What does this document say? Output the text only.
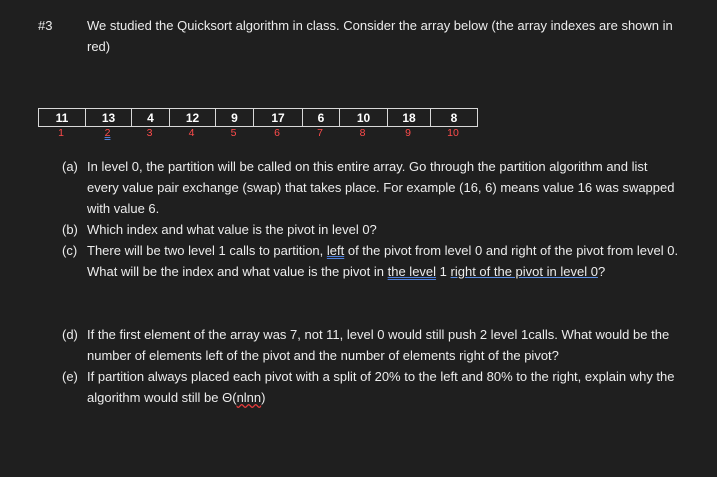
#3	We studied the Quicksort algorithm in class. Consider the array below (the array indexes are shown in red)
11	13	4	12	9	17	6	10	18	8
1	2	3	4	5	6	7	8	9	10
(a) In level 0, the partition will be called on this entire array. Go through the partition algorithm and list every value pair exchange (swap) that takes place. For example (16, 6) means value 16 was swapped with value 6.
(b) Which index and what value is the pivot in level 0?
(c) There will be two level 1 calls to partition, left of the pivot from level 0 and right of the pivot from level 0. What will be the index and what value is the pivot in the level 1 right of the pivot in level 0?
(d) If the first element of the array was 7, not 11, level 0 would still push 2 level 1calls. What would be the number of elements left of the pivot and the number of elements right of the pivot?
(e) If partition always placed each pivot with a split of 20% to the left and 80% to the right, explain why the algorithm would still be Θ(nlnn)
